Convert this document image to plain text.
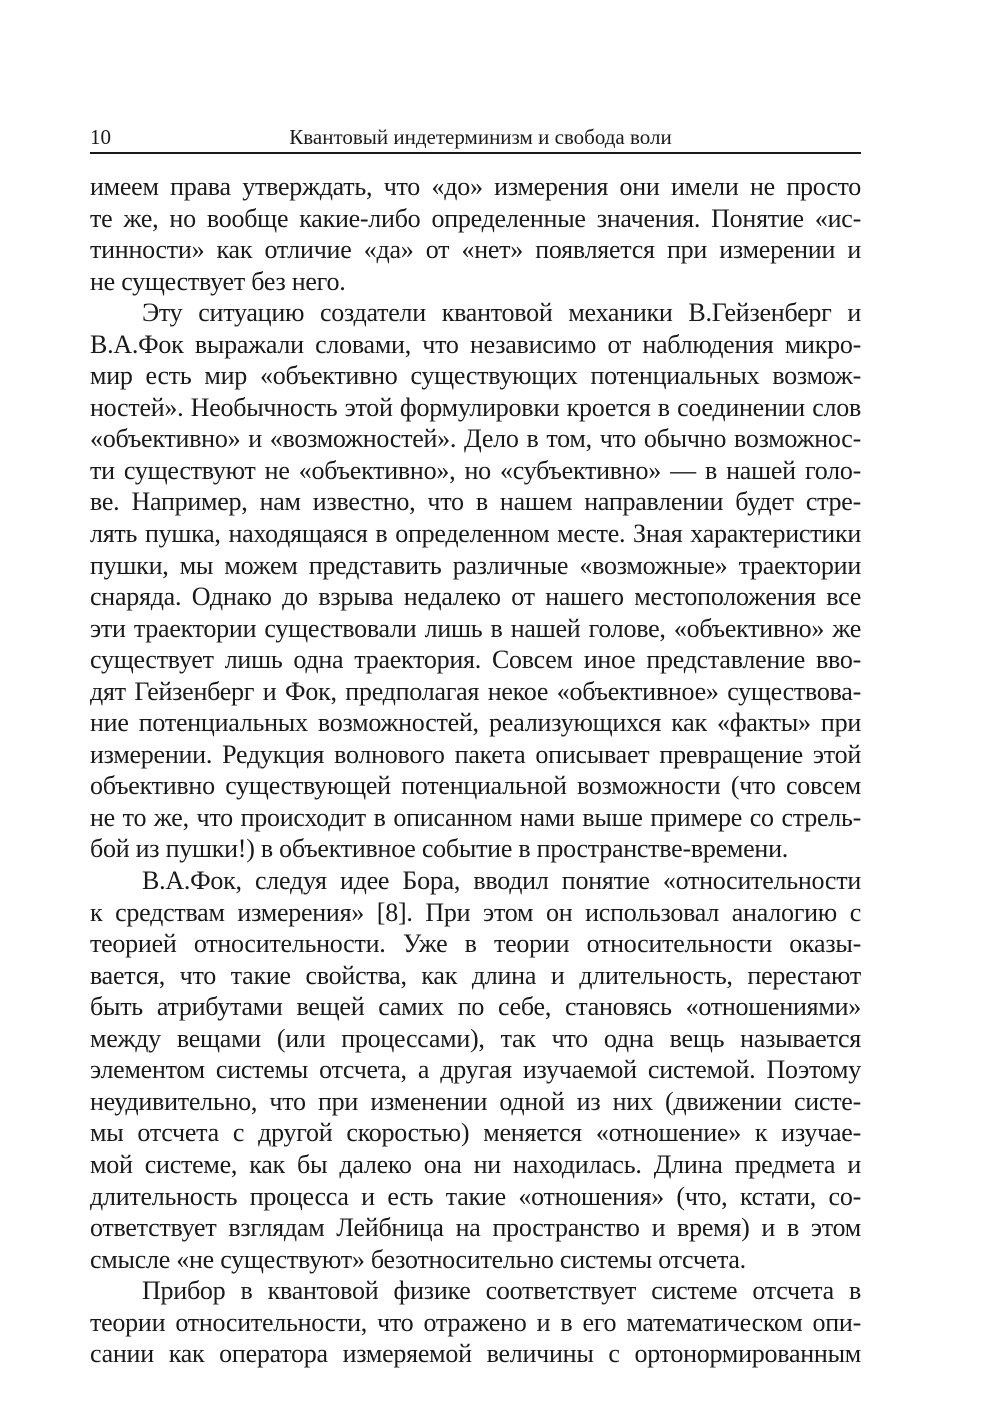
10	Квантовый индетерминизм и свобода воли
имеем права утверждать, что «до» измерения они имели не просто
те же, но вообще какие-либо определенные значения. Понятие «ис-
тинности» как отличие «да» от «нет» появляется при измерении и
не существует без него.
Эту ситуацию создатели квантовой механики В.Гейзенберг и
В.А.Фок выражали словами, что независимо от наблюдения микро-
мир есть мир «объективно существующих потенциальных возмож-
ностей». Необычность этой формулировки кроется в соединении слов
«объективно» и «возможностей». Дело в том, что обычно возможнос-
ти существуют не «объективно», но «субъективно» — в нашей голо-
ве. Например, нам известно, что в нашем направлении будет стре-
лять пушка, находящаяся в определенном месте. Зная характеристики
пушки, мы можем представить различные «возможные» траектории
снаряда. Однако до взрыва недалеко от нашего местоположения все
эти траектории существовали лишь в нашей голове, «объективно» же
существует лишь одна траектория. Совсем иное представление вво-
дят Гейзенберг и Фок, предполагая некое «объективное» существова-
ние потенциальных возможностей, реализующихся как «факты» при
измерении. Редукция волнового пакета описывает превращение этой
объективно существующей потенциальной возможности (что совсем
не то же, что происходит в описанном нами выше примере со стрель-
бой из пушки!) в объективное событие в пространстве-времени.
В.А.Фок, следуя идее Бора, вводил понятие «относительности
к средствам измерения» [8]. При этом он использовал аналогию с
теорией относительности. Уже в теории относительности оказы-
вается, что такие свойства, как длина и длительность, перестают
быть атрибутами вещей самих по себе, становясь «отношениями»
между вещами (или процессами), так что одна вещь называется
элементом системы отсчета, а другая изучаемой системой. Поэтому
неудивительно, что при изменении одной из них (движении систе-
мы отсчета с другой скоростью) меняется «отношение» к изучае-
мой системе, как бы далеко она ни находилась. Длина предмета и
длительность процесса и есть такие «отношения» (что, кстати, со-
ответствует взглядам Лейбница на пространство и время) и в этом
смысле «не существуют» безотносительно системы отсчета.
Прибор в квантовой физике соответствует системе отсчета в
теории относительности, что отражено и в его математическом опи-
сании как оператора измеряемой величины с ортонормированным
